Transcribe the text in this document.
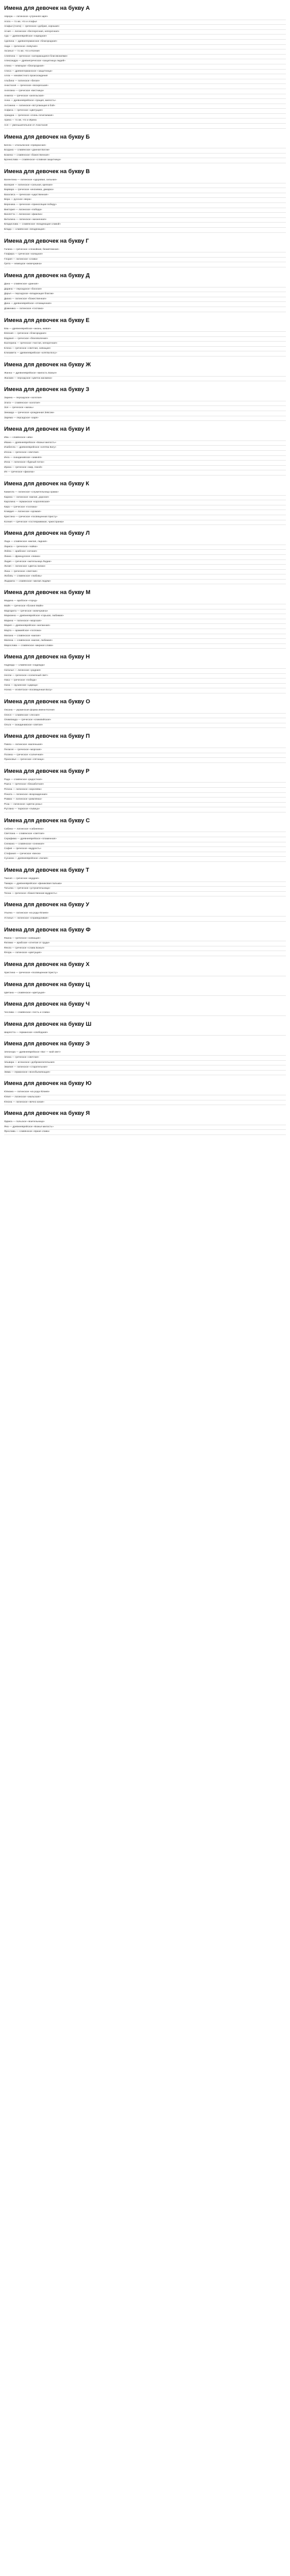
Имена для девочек на букву А
Аврора — латинское «утренняя заря»
Агата — то же, что и Агафья
Агафья (Агата) — греческое «добрая, хорошая»
Агния — латинское «беспорочная, непорочная»
Ада — древнееврейское «нарядная»
Аделина — древнегерманское «благородная»
Аида — греческое «певучая»
Аксинья — то же, что и Ксения
Алевтина — греческое «натирающаяся благовониями»
Александра — древнегреческое «защитница людей»
Алина — немецкое «благородная»
Алиса — древнегерманское «защитница»
Алла — неизвестного происхождения
Альбина — латинское «белая»
Анастасия — греческое «воскресшая»
Ангелина — греческое «вестница»
Анжела — греческое «ангельская»
Анна — древнееврейское «грация, милость»
Антонина — латинское «вступающая в бой»
Анфиса — греческое «цветущая»
Ариадна — греческое «очень почитаемая»
Арина — то же, что и Ирина
Ася — уменьшительное от Анастасия
Имена для девочек на букву Б
Белла — итальянское «прекрасная»
Богдана — славянское «данная Богом»
Божена — славянское «божественная»
Бронислава — славянское «славная защитница»
Имена для девочек на букву В
Валентина — латинское «здоровая, сильная»
Валерия — латинское «сильная, крепкая»
Варвара — греческое «иноземка, дикарка»
Василиса — греческое «царственная»
Вера — русское «вера»
Вероника — греческое «приносящая победу»
Виктория — латинское «победа»
Виолетта — латинское «фиалка»
Виталина — латинское «жизненная»
Владислава — славянское «владеющая славой»
Влада — славянское «владеющая»
Имена для девочек на букву Г
Галина — греческое «спокойная, безмятежная»
Глафира — греческое «изящная»
Глория — латинское «слава»
Грета — немецкое «жемчужина»
Имена для девочек на букву Д
Дана — славянское «данная»
Дарина — персидское «богатая»
Дарья — персидское «владеющая благом»
Диана — латинское «божественная»
Дина — древнееврейское «отомщенная»
Доминика — латинское «госпожа»
Имена для девочек на букву Е
Ева — древнееврейское «жизнь, живая»
Евгения — греческое «благородная»
Евдокия — греческое «благоволение»
Екатерина — греческое «чистая, непорочная»
Елена — греческое «светлая, сияющая»
Елизавета — древнееврейское «клятва Богу»
Имена для девочек на букву Ж
Жанна — древнееврейское «милость Божья»
Жасмин — персидское «цветок жасмина»
Имена для девочек на букву З
Зарина — персидское «золотая»
Злата — славянское «золотая»
Зоя — греческое «жизнь»
Зинаида — греческое «рожденная Зевсом»
Зарема — персидское «заря»
Имена для девочек на букву И
Ива — славянское «ива»
Ивана — древнееврейское «Божья милость»
Изабелла — древнееврейское «клятва Богу»
Илона — греческое «светлая»
Инга — скандинавское «зимняя»
Инна — латинское «бурный поток»
Ирина — греческое «мир, покой»
Ия — греческое «фиалка»
Имена для девочек на букву К
Камилла — латинское «служительница храма»
Карина — латинское «милая, дорогая»
Каролина — германское «королевская»
Кира — греческое «госпожа»
Клавдия — латинское «хромая»
Кристина — греческое «посвященная Христу»
Ксения — греческое «гостеприимная, чужестранка»
Имена для девочек на букву Л
Лада — славянское «милая, ладная»
Лариса — греческое «чайка»
Лейла — арабское «ночная»
Лиана — французское «лиана»
Лидия — греческое «жительница Лидии»
Лилия — латинское «цветок лилии»
Лина — греческое «светлая»
Любовь — славянское «любовь»
Людмила — славянское «милая людям»
Имена для девочек на букву М
Мадина — арабское «город»
Майя — греческое «богиня Майя»
Маргарита — греческое «жемчужина»
Марианна — древнееврейское «горькая, любимая»
Марина — латинское «морская»
Мария — древнееврейское «желанная»
Марта — арамейское «госпожа»
Милана — славянское «милая»
Милена — славянское «милая, любимая»
Мирослава — славянское «мирная слава»
Имена для девочек на букву Н
Надежда — славянское «надежда»
Наталья — латинское «родная»
Нелли — греческое «солнечный свет»
Ника — греческое «победа»
Нина — грузинское «царица»
Нонна — египетское «посвященная Богу»
Имена для девочек на букву О
Оксана — украинская форма имени Ксения
Олеся — славянское «лесная»
Олимпиада — греческое «олимпийская»
Ольга — скандинавское «святая»
Имена для девочек на букву П
Павла — латинское «маленькая»
Пелагея — греческое «морская»
Полина — греческое «солнечная»
Прасковья — греческое «пятница»
Имена для девочек на букву Р
Рада — славянское «радостная»
Раиса — греческое «беззаботная»
Регина — латинское «королева»
Рената — латинское «возрожденная»
Римма — латинское «римлянка»
Роза — латинское «цветок розы»
Руслана — тюркское «львица»
Имена для девочек на букву С
Сабина — латинское «сабинянка»
Светлана — славянское «светлая»
Серафима — древнееврейское «пламенная»
Снежана — славянское «снежная»
София — греческое «мудрость»
Стефания — греческое «венок»
Сусанна — древнееврейское «лилия»
Имена для девочек на букву Т
Таисия — греческое «мудрая»
Тамара — древнееврейское «финиковая пальма»
Татьяна — греческое «устроительница»
Теона — греческое «божественная мудрость»
Имена для девочек на букву У
Ульяна — латинское «из рода Юлиев»
Устинья — латинское «справедливая»
Имена для девочек на букву Ф
Фаина — греческое «сияющая»
Фатима — арабское «отнятая от груди»
Фекла — греческое «слава Божья»
Флора — латинское «цветущая»
Имена для девочек на букву Х
Христина — греческое «посвященная Христу»
Имена для девочек на букву Ц
Цветана — славянское «цветущая»
Имена для девочек на букву Ч
Чеслава — славянское «честь и слава»
Имена для девочек на букву Ш
Шарлотта — германское «свободная»
Имена для девочек на букву Э
Элеонора — древнееврейское «Бог — мой свет»
Элина — греческое «светлая»
Эльвира — испанское «доброжелательная»
Эмилия — латинское «старательная»
Эмма — германское «всеобъемлющая»
Имена для девочек на букву Ю
Юлиана — латинское «из рода Юлиев»
Юлия — латинское «июльская»
Юнона — латинское «вечно юная»
Имена для девочек на букву Я
Ядвига — польское «воительница»
Яна — древнееврейское «Божья милость»
Ярослава — славянское «яркая слава»
